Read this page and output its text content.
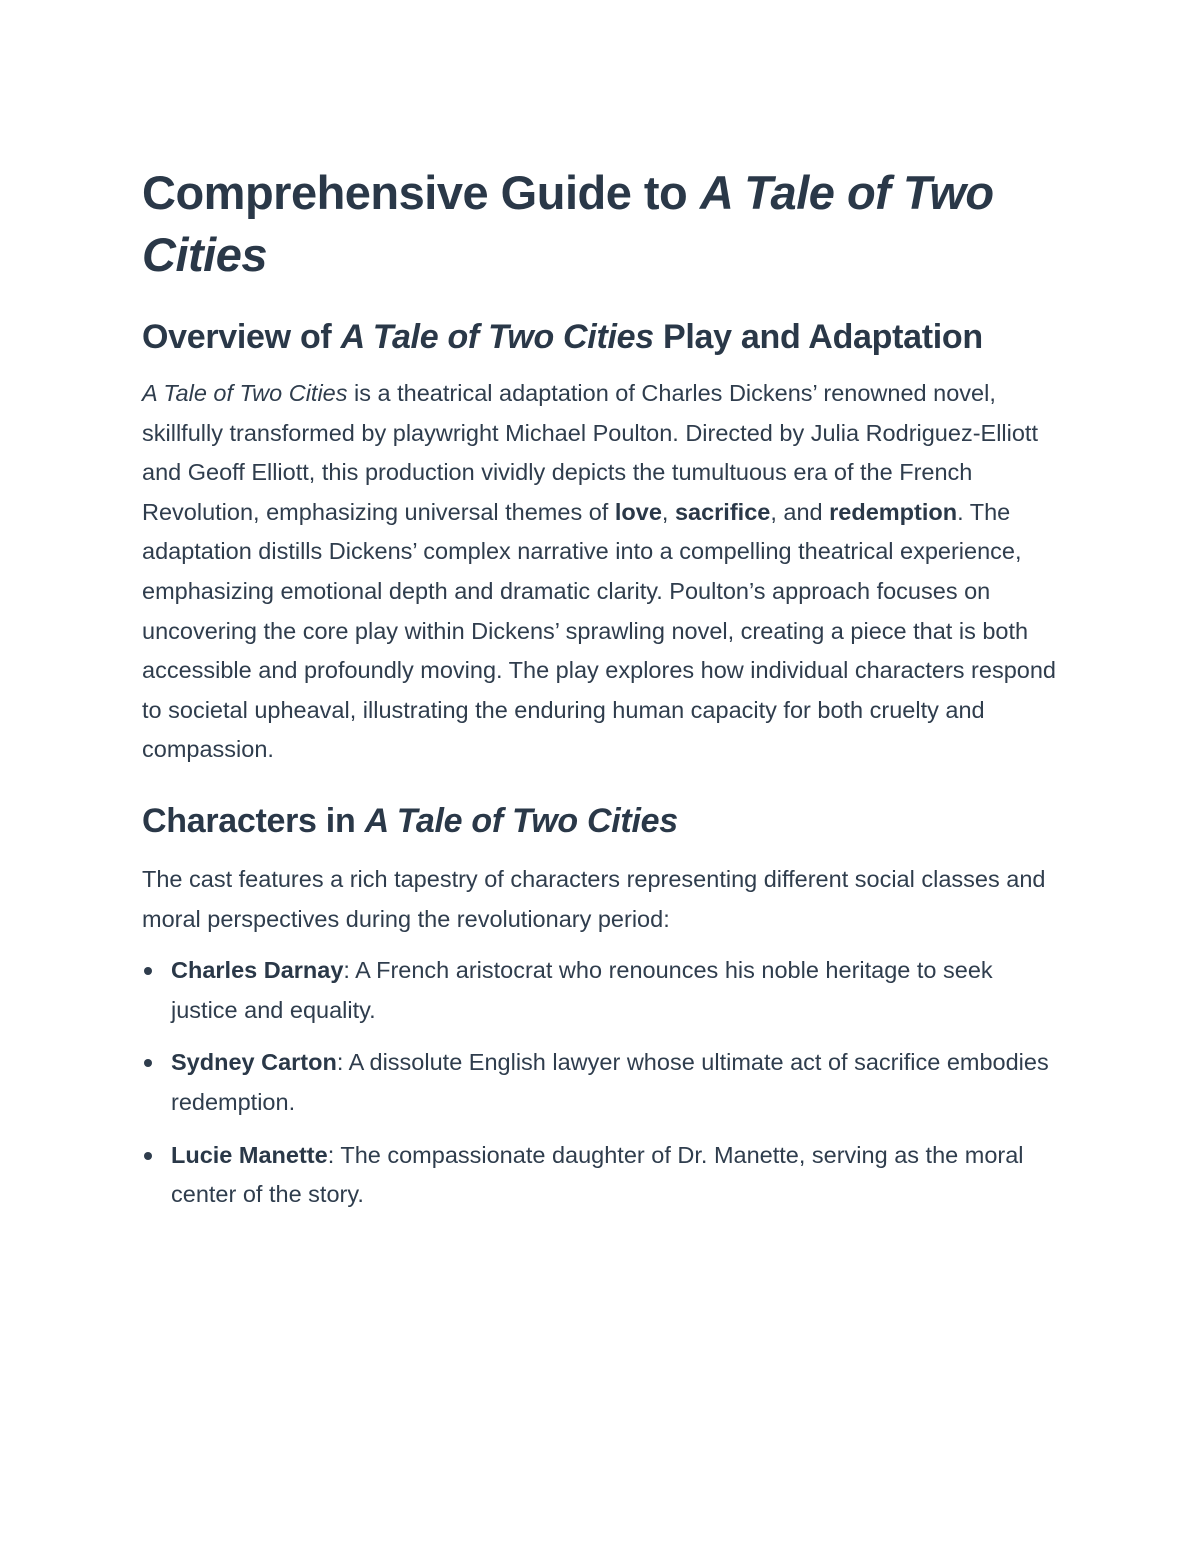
Comprehensive Guide to A Tale of Two Cities
Overview of A Tale of Two Cities Play and Adaptation

A Tale of Two Cities is a theatrical adaptation of Charles Dickens’ renowned novel, skillfully transformed by playwright Michael Poulton. Directed by Julia Rodriguez-Elliott and Geoff Elliott, this production vividly depicts the tumultuous era of the French Revolution, emphasizing universal themes of love, sacrifice, and redemption. The adaptation distills Dickens’ complex narrative into a compelling theatrical experience, emphasizing emotional depth and dramatic clarity. Poulton’s approach focuses on uncovering the core play within Dickens’ sprawling novel, creating a piece that is both accessible and profoundly moving. The play explores how individual characters respond to societal upheaval, illustrating the enduring human capacity for both cruelty and compassion.

Characters in A Tale of Two Cities

The cast features a rich tapestry of characters representing different social classes and moral perspectives during the revolutionary period:

Charles Darnay: A French aristocrat who renounces his noble heritage to seek justice and equality.
Sydney Carton: A dissolute English lawyer whose ultimate act of sacrifice embodies redemption.
Lucie Manette: The compassionate daughter of Dr. Manette, serving as the moral center of the story.
